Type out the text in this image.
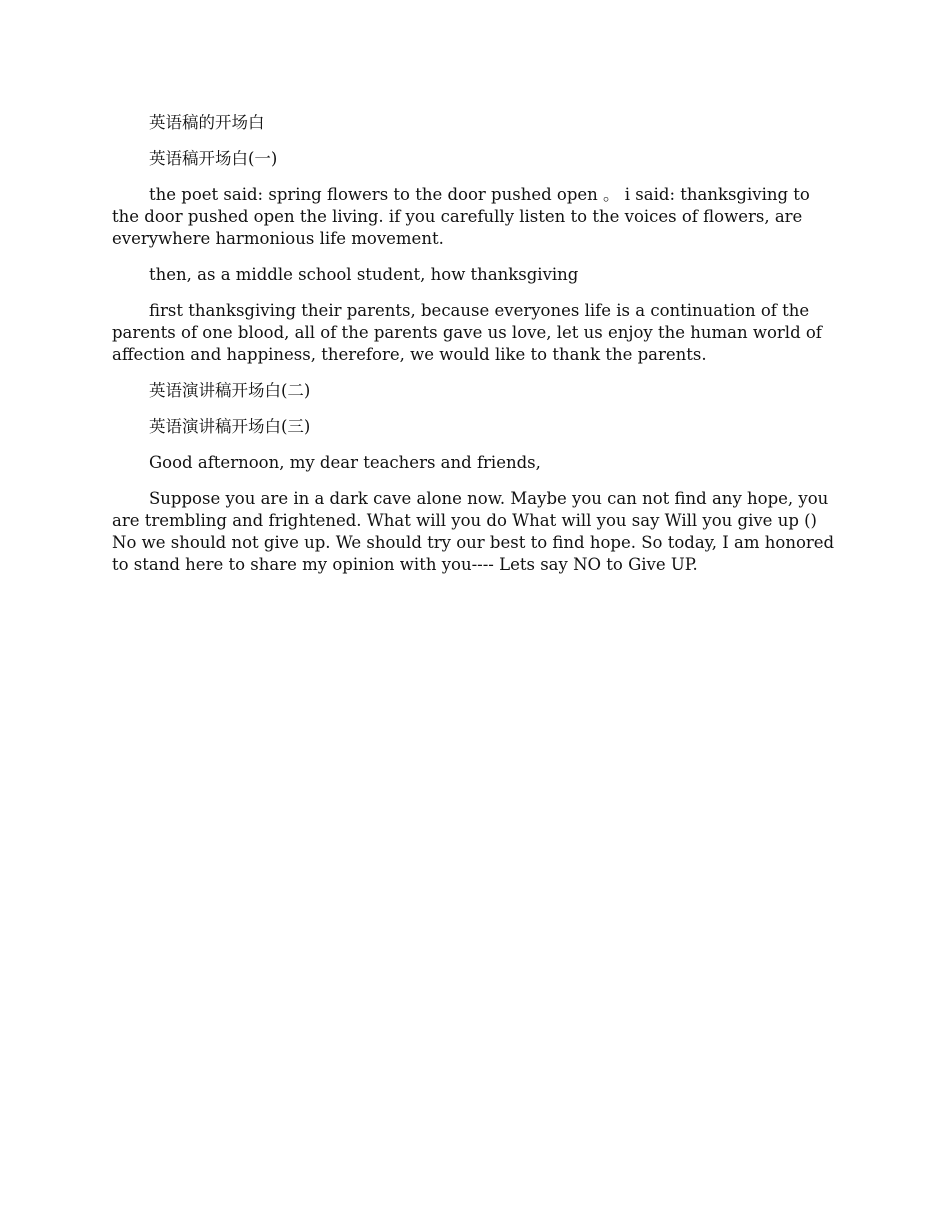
英语稿的开场白

英语稿开场白(一)

the poet said: spring flowers to the door pushed open 。 i said: thanksgiving to the door pushed open the living. if you carefully listen to the voices of flowers, are everywhere harmonious life movement.

then, as a middle school student, how thanksgiving

first thanksgiving their parents, because everyones life is a continuation of the parents of one blood, all of the parents gave us love, let us enjoy the human world of affection and happiness, therefore, we would like to thank the parents.

英语演讲稿开场白(二)

英语演讲稿开场白(三)

Good afternoon, my dear teachers and friends,

Suppose you are in a dark cave alone now. Maybe you can not find any hope, you are trembling and frightened. What will you do What will you say Will you give up () No we should not give up. We should try our best to find hope. So today, I am honored to stand here to share my opinion with you---- Lets say NO to Give UP.
